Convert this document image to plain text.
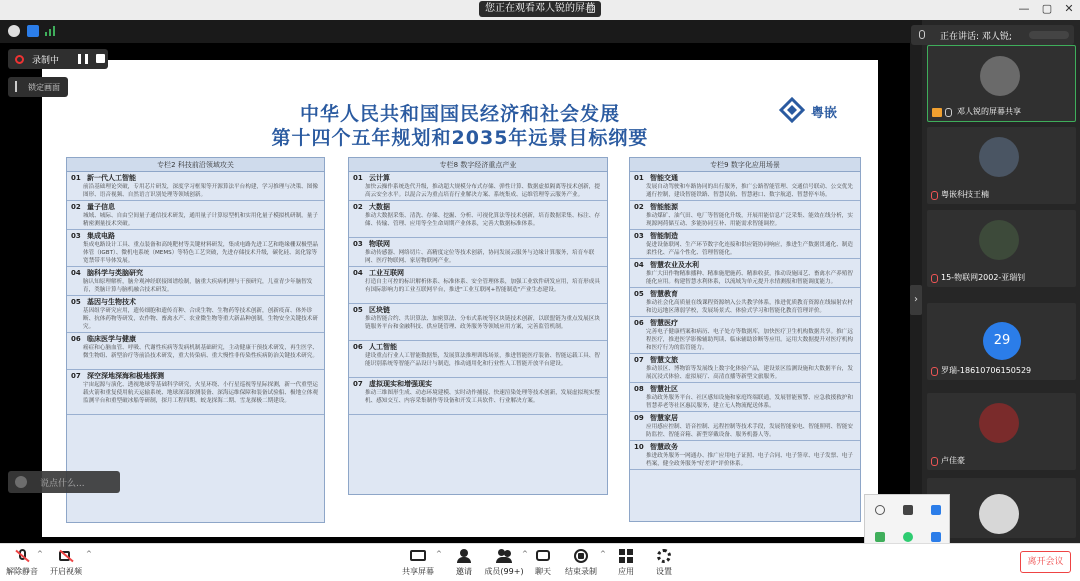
您正在观看邓人锐的屏幕	— ▢ ✕
中华人民共和国国民经济和社会发展
第十四个五年规划和2035年远景目标纲要
粤嵌
专栏2 科技前沿领域攻关
01 新一代人工智能
前沿基础理论突破，专用芯片研发，深度学习框架等开源算法平台构建，学习推理与决策、图像图形、语音视频、自然语言识别处理等领域创新。
02 量子信息
城域、城际、自由空间量子通信技术研发，通用量子计算原型机和实用化量子模拟机研制，量子精密测量技术突破。
03 集成电路
集成电路设计工具、重点装备和高纯靶材等关键材料研发，集成电路先进工艺和绝缘栅双极型晶体管（IGBT）、微机电系统（MEMS）等特色工艺突破，先进存储技术升级，碳化硅、氮化镓等宽禁带半导体发展。
04 脑科学与类脑研究
脑认知原理解析，脑介观神经联接图谱绘制，脑重大疾病机理与干预研究，儿童青少年脑智发育，类脑计算与脑机融合技术研发。
05 基因与生物技术
基因组学研究应用，遗传细胞和遗传育种、合成生物、生物药等技术创新，创新疫苗、体外诊断、抗体药物等研发，农作物、畜禽水产、农业微生物等重大新品种创制，生物安全关键技术研究。
06 临床医学与健康
癌症和心脑血管、呼吸、代谢性疾病等发病机制基础研究，主动健康干预技术研发，再生医学、微生物组、新型治疗等前沿技术研发，重大传染病、重大慢性非传染性疾病防治关键技术研究。
07 深空深地深海和极地探测
宇宙起源与演化、透视地球等基础科学研究，火星环绕、小行星巡视等星际探测，新一代重型运载火箭和重复使用航天运输系统、地球深部探测装备、深海运维保障和装备试验船、极地立体观监测平台和重型破冰船等研制，探月工程四期、蛟龙探海二期、雪龙探极二期建设。
专栏8 数字经济重点产业
01 云计算
加快云操作系统迭代升级，推动超大规模分布式存储、弹性计算、数据虚拟隔离等技术创新，提高云安全水平。以混合云为重点培育行业解决方案、系统集成、运维管理等云服务产业。
02 大数据
推动大数据采集、清洗、存储、挖掘、分析、可视化算法等技术创新，培育数据采集、标注、存储、传输、管理、应用等全生命周期产业体系，完善大数据标准体系。
03 物联网
推动传感器、网络切片、高精度定位等技术创新，协同发展云服务与边缘计算服务，培育车联网、医疗物联网、家居物联网产业。
04 工业互联网
打造自主可控的标识解析体系、标准体系、安全管理体系，加强工业软件研发应用，培育形成具有国际影响力的工业互联网平台，推进"工业互联网+智能制造"产业生态建设。
05 区块链
推动智能合约、共识算法、加密算法、分布式系统等区块链技术创新，以联盟链为重点发展区块链服务平台和金融科技、供应链管理、政务服务等领域应用方案，完善监管机制。
06 人工智能
建设重点行业人工智能数据集，发展算法推理训练场景，推进智能医疗装备、智能运载工具、智能识别系统等智能产品设计与制造，推动通用化和行业性人工智能开放平台建设。
07 虚拟现实和增强现实
推动三维图形生成、动态环境建模、实时动作捕捉、快速渲染处理等技术创新，发展虚拟现实整机、感知交互、内容采集制作等设备和开发工具软件、行业解决方案。
专栏9 数字化应用场景
01 智能交通
发展自动驾驶和车路协同的出行服务，推广公路智能管理、交通信号联动、公交优先通行控制，建设智能铁路、智慧民航、智慧港口、数字航道、智慧停车场。
02 智能能源
推动煤矿、油气田、电厂等智能化升级，开展用能信息广泛采集、能效在线分析，实现源网荷储互动、多能协同互补、用能需求智能调控。
03 智能制造
促进设备联网、生产环节数字化连接和供应链协同响应，推进生产数据贯通化、制造柔性化、产品个性化、管理智能化。
04 智慧农业及水利
推广大田作物精准播种、精准施肥施药、精准收获，推动设施园艺、畜禽水产养殖智能化应用。构建智慧水利体系，以流域为单元提升水情测报和智能调度能力。
05 智慧教育
推动社会化高质量在线课程资源纳入公共教学体系，推进优质教育资源在线辐射农村和边远地区薄弱学校，发展场景式、体验式学习和智能化教育管理评价。
06 智慧医疗
完善电子健康档案和病历、电子处方等数据库，加快医疗卫生机构数据共享。推广远程医疗，推进医学影像辅助判读、临床辅助诊断等应用。运用大数据提升对医疗机构和医疗行为的监管能力。
07 智慧文旅
推动景区、博物馆等发展线上数字化体验产品，建设景区监测设施和大数据平台，发展沉浸式体验、虚拟展厅、高清直播等新型文旅服务。
08 智慧社区
推动政务服务平台、社区感知设施和家庭终端联通，发展智能预警、应急救援救护和智慧养老等社区惠民服务，建立无人物流配送体系。
09 智慧家居
应用感应控制、语音控制、远程控制等技术手段，发展智能家电、智能照明、智能安防监控、智能音箱、新型穿戴设备、服务机器人等。
10 智慧政务
推进政务服务一网通办、推广应用电子证照、电子合同、电子签章、电子发票、电子档案，健全政务服务"好差评"评价体系。
录制中
锁定画面
说点什么...
›
正在讲话: 邓人锐;
邓人锐的屏幕共享
粤嵌科技王楠
15-物联网2002-亚瑞钊
29
罗瑞-18610706150529
卢佳豪
解除静音
^
开启视频
^
共享屏幕
^
邀请	成员(99+)
^
聊天	结束录制
^
应用	设置
离开会议
